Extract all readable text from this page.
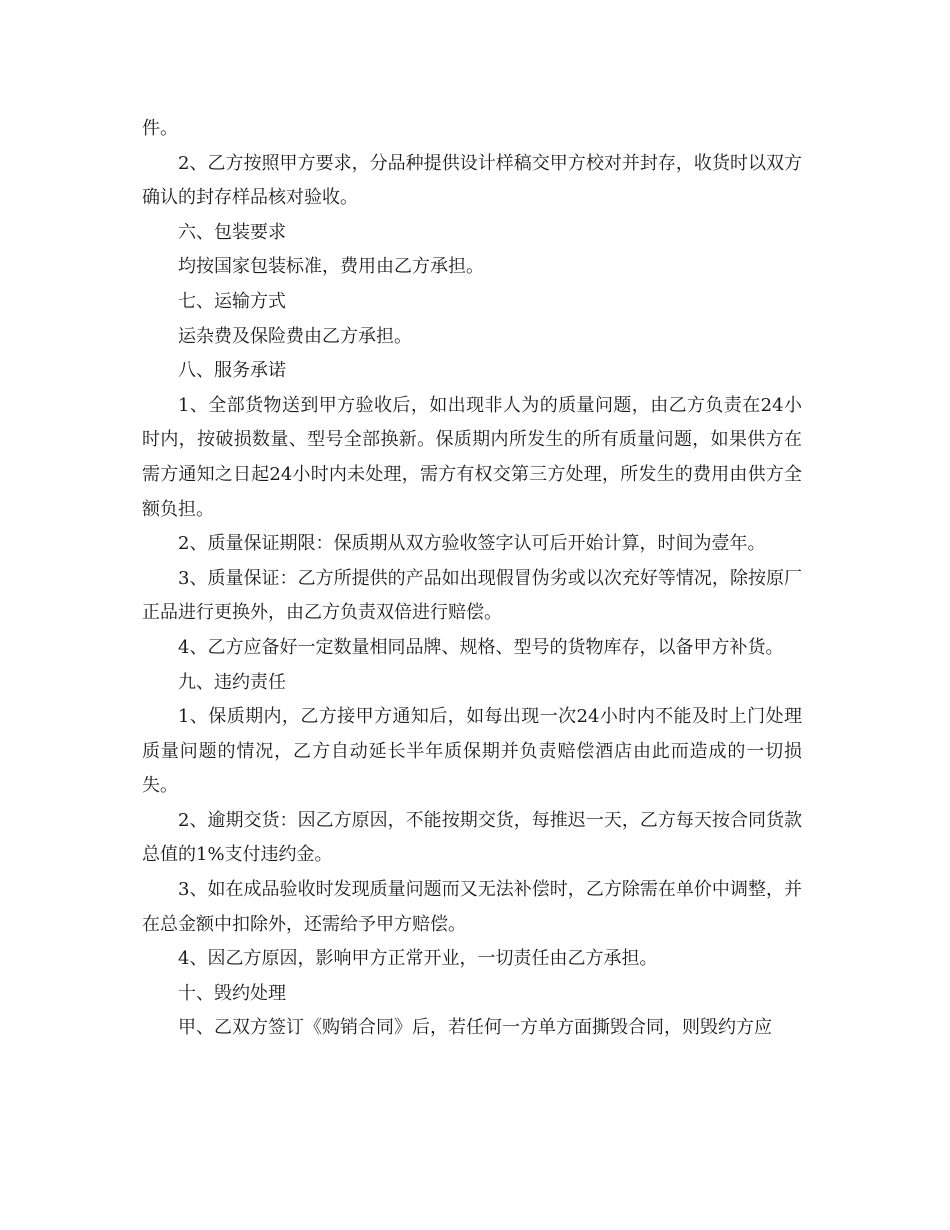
件。

2、乙方按照甲方要求，分品种提供设计样稿交甲方校对并封存，收货时以双方确认的封存样品核对验收。

六、包装要求

均按国家包装标准，费用由乙方承担。

七、运输方式

运杂费及保险费由乙方承担。

八、服务承诺

1、全部货物送到甲方验收后，如出现非人为的质量问题，由乙方负责在24小时内，按破损数量、型号全部换新。保质期内所发生的所有质量问题，如果供方在需方通知之日起24小时内未处理，需方有权交第三方处理，所发生的费用由供方全额负担。

2、质量保证期限：保质期从双方验收签字认可后开始计算，时间为壹年。

3、质量保证：乙方所提供的产品如出现假冒伪劣或以次充好等情况，除按原厂正品进行更换外，由乙方负责双倍进行赔偿。

4、乙方应备好一定数量相同品牌、规格、型号的货物库存，以备甲方补货。

九、违约责任

1、保质期内，乙方接甲方通知后，如每出现一次24小时内不能及时上门处理质量问题的情况，乙方自动延长半年质保期并负责赔偿酒店由此而造成的一切损失。

2、逾期交货：因乙方原因，不能按期交货，每推迟一天，乙方每天按合同货款总值的1%支付违约金。

3、如在成品验收时发现质量问题而又无法补偿时，乙方除需在单价中调整，并在总金额中扣除外，还需给予甲方赔偿。

4、因乙方原因，影响甲方正常开业，一切责任由乙方承担。

十、毁约处理

甲、乙双方签订《购销合同》后，若任何一方单方面撕毁合同，则毁约方应
